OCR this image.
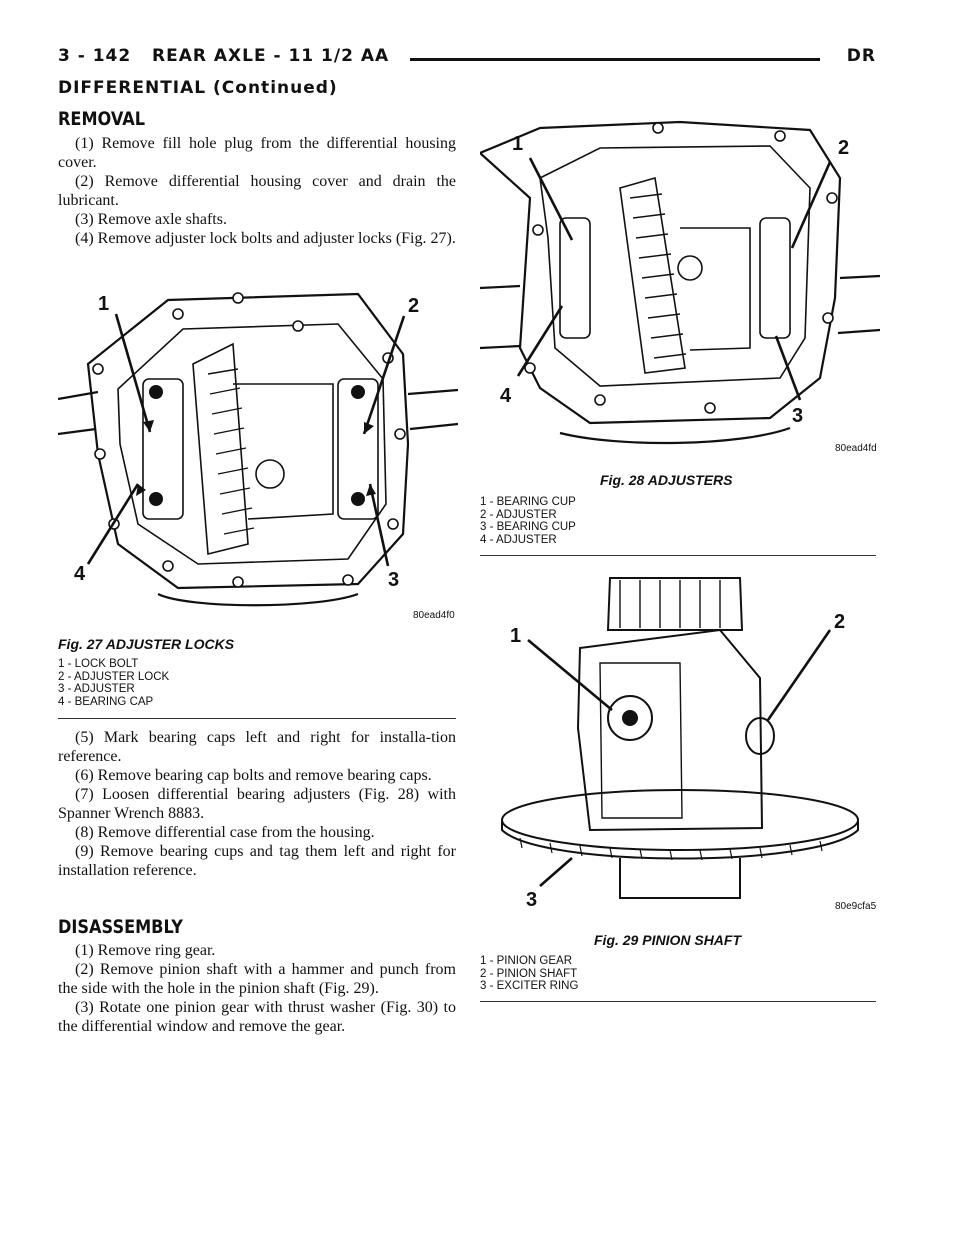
3 - 142 REAR AXLE - 11 1/2 AA	DR
DIFFERENTIAL (Continued)
REMOVAL

(1) Remove fill hole plug from the differential housing cover.

(2) Remove differential housing cover and drain the lubricant.

(3) Remove axle shafts.

(4) Remove adjuster lock bolts and adjuster locks (Fig. 27).

1	2
3
4
80ead4f0
Fig. 27 ADJUSTER LOCKS
1 - LOCK BOLT
2 - ADJUSTER LOCK
3 - ADJUSTER
4 - BEARING CAP

(5) Mark bearing caps left and right for installa-tion reference.

(6) Remove bearing cap bolts and remove bearing caps.

(7) Loosen differential bearing adjusters (Fig. 28) with Spanner Wrench 8883.

(8) Remove differential case from the housing.

(9) Remove bearing cups and tag them left and right for installation reference.

DISASSEMBLY

(1) Remove ring gear.

(2) Remove pinion shaft with a hammer and punch from the side with the hole in the pinion shaft (Fig. 29).

(3) Rotate one pinion gear with thrust washer (Fig. 30) to the differential window and remove the gear.

1	2
3
4
80ead4fd
Fig. 28 ADJUSTERS
1 - BEARING CUP
2 - ADJUSTER
3 - BEARING CUP
4 - ADJUSTER
1
2
3	80e9cfa5
Fig. 29 PINION SHAFT
1 - PINION GEAR
2 - PINION SHAFT
3 - EXCITER RING
